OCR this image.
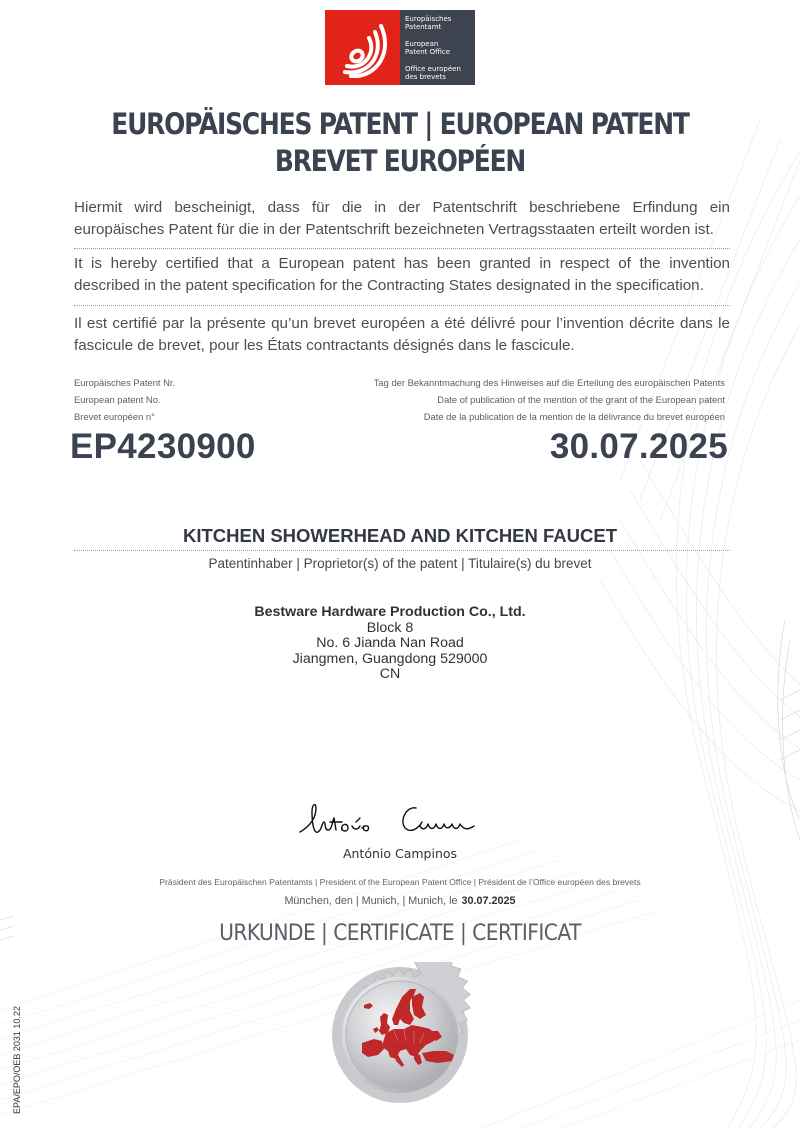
Europäisches
Patentamt
European
Patent Office
Office européen
des brevets
EUROPÄISCHES PATENT | EUROPEAN PATENT
BREVET EUROPÉEN

Hiermit wird bescheinigt, dass für die in der Patentschrift beschriebene Erfindung ein europäisches Patent für die in der Patentschrift bezeichneten Vertragsstaaten erteilt worden ist.

It is hereby certified that a European patent has been granted in respect of the invention described in the patent specification for the Contracting States designated in the specification.

Il est certifié par la présente qu’un brevet européen a été délivré pour l’invention décrite dans le fascicule de brevet, pour les États contractants désignés dans le fascicule.

Europäisches Patent Nr.
European patent No.
Brevet européen n°
Tag der Bekanntmachung des Hinweises auf die Erteilung des europäischen Patents
Date of publication of the mention of the grant of the European patent
Date de la publication de la mention de la délivrance du brevet européen
EP4230900	30.07.2025
KITCHEN SHOWERHEAD AND KITCHEN FAUCET
Patentinhaber | Proprietor(s) of the patent | Titulaire(s) du brevet
Bestware Hardware Production Co., Ltd.
Block 8
No. 6 Jianda Nan Road
Jiangmen, Guangdong 529000
CN
António Campinos
Präsident des Europäischen Patentamts | President of the European Patent Office | Président de l’Office européen des brevets
München, den | Munich, | Munich, le 30.07.2025
URKUNDE | CERTIFICATE | CERTIFICAT
EPA/EPO/OEB 2031 10.22
